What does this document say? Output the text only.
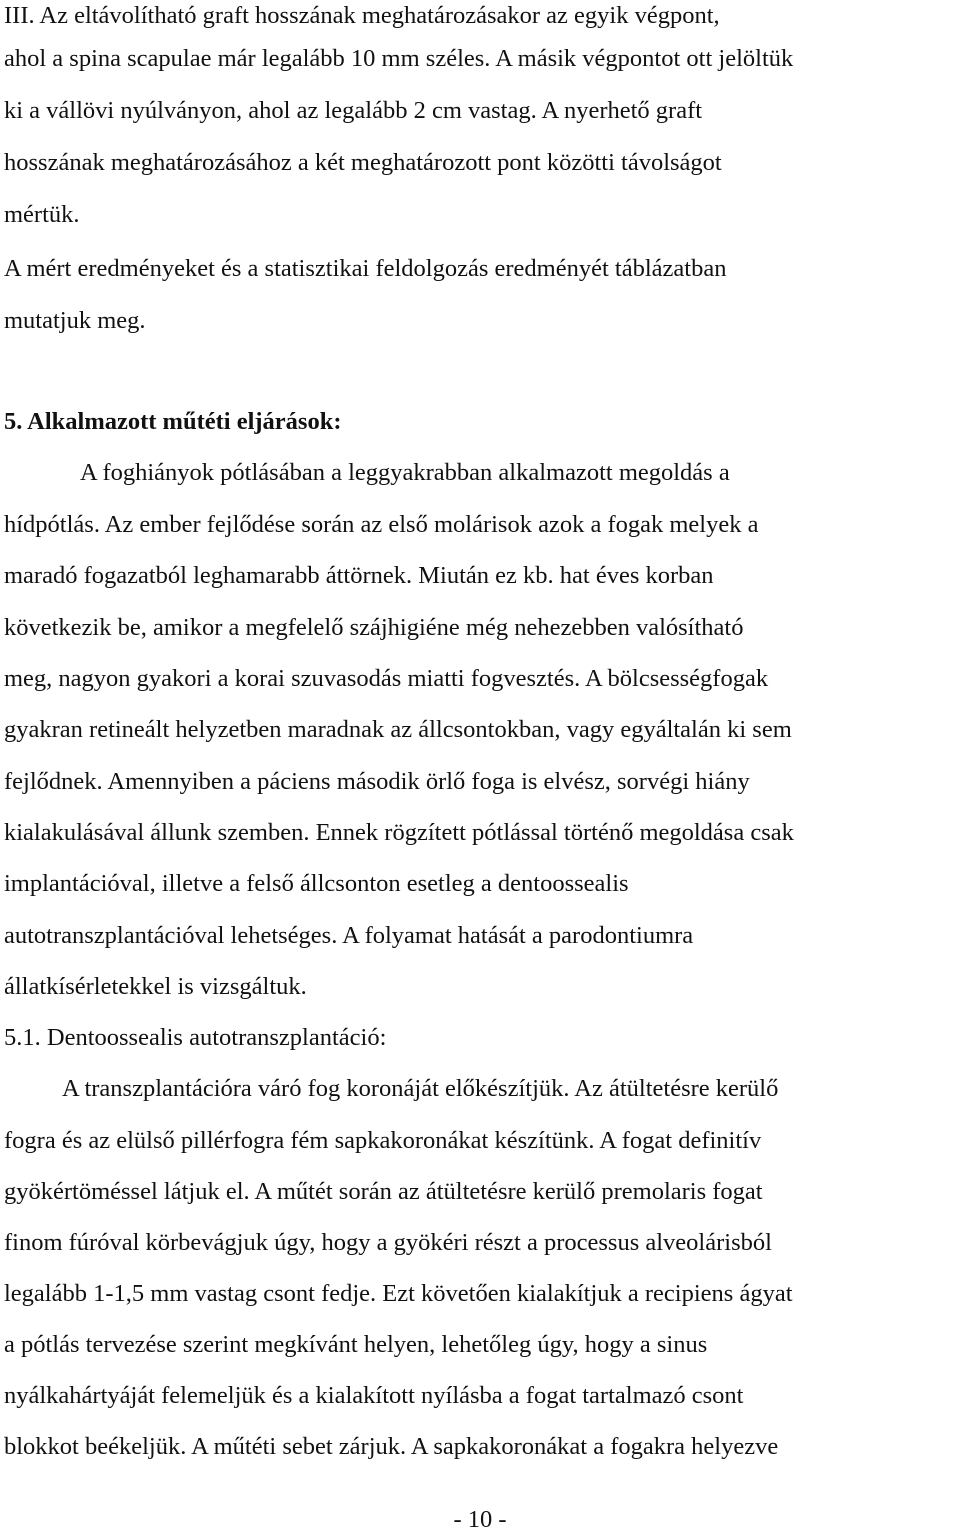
III. Az eltávolítható graft hosszának meghatározásakor az egyik végpont,
ahol a spina scapulae már legalább 10 mm széles. A másik végpontot ott jelöltük
ki a vállövi nyúlványon, ahol az legalább 2 cm vastag. A nyerhető graft
hosszának meghatározásához a két meghatározott pont közötti távolságot
mértük.
A mért eredményeket és a statisztikai feldolgozás eredményét táblázatban
mutatjuk meg.
5. Alkalmazott műtéti eljárások:
A foghiányok pótlásában a leggyakrabban alkalmazott megoldás a
hídpótlás. Az ember fejlődése során az első molárisok azok a fogak melyek a
maradó fogazatból leghamarabb áttörnek. Miután ez kb. hat éves korban
következik be, amikor a megfelelő szájhigiéne még nehezebben valósítható
meg, nagyon gyakori a korai szuvasodás miatti fogvesztés. A bölcsességfogak
gyakran retineált helyzetben maradnak az állcsontokban, vagy egyáltalán ki sem
fejlődnek. Amennyiben a páciens második örlő foga is elvész, sorvégi hiány
kialakulásával állunk szemben. Ennek rögzített pótlással történő megoldása csak
implantációval, illetve a felső állcsonton esetleg a dentoossealis
autotranszplantációval lehetséges. A folyamat hatását a parodontiumra
állatkísérletekkel is vizsgáltuk.
5.1. Dentoossealis autotranszplantáció:
A transzplantációra váró fog koronáját előkészítjük. Az átültetésre kerülő
fogra és az elülső pillérfogra fém sapkakoronákat készítünk. A fogat definitív
gyökértöméssel látjuk el. A műtét során az átültetésre kerülő premolaris fogat
finom fúróval körbevágjuk úgy, hogy a gyökéri részt a processus alveolárisból
legalább 1-1,5 mm vastag csont fedje. Ezt követően kialakítjuk a recipiens ágyat
a pótlás tervezése szerint megkívánt helyen, lehetőleg úgy, hogy a sinus
nyálkahártyáját felemeljük és a kialakított nyílásba a fogat tartalmazó csont
blokkot beékeljük. A műtéti sebet zárjuk. A sapkakoronákat a fogakra helyezve
- 10 -
